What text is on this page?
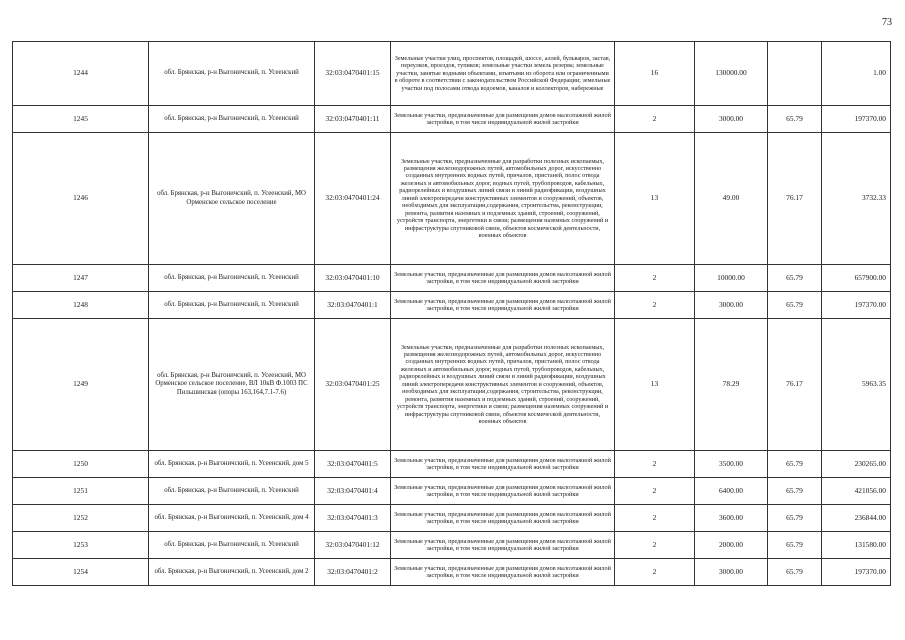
73
1244	обл. Брянская, р-н Выгоничский, п. Усеенский	32:03:0470401:15	Земельные участки улиц, проспектов, площадей, шоссе, аллей, бульваров, застав, переулков, проездов, тупиков; земельные участки земель резерва; земельные участки, занятые водными объектами, изъятыми из оборота или ограниченными в обороте в соответствии с законодательством Российской Федерации; земельные участки под полосами отвода водоемов, каналов и коллекторов, набережные	16	130000.00		1.00
1245	обл. Брянская, р-н Выгоничский, п. Усеенский	32:03:0470401:11	Земельные участки, предназначенные для размещения домов малоэтажной жилой застройки, в том числе индивидуальной жилой застройки	2	3000.00	65.79	197370.00
1246	обл. Брянская, р-н Выгоничский, п. Усеенский, МО Орменское сельское поселение	32:03:0470401:24	Земельные участки, предназначенные для разработки полезных ископаемых, размещения железнодорожных путей, автомобильных дорог, искусственно созданных внутренних водных путей, причалов, пристаней, полос отвода железных и автомобильных дорог, водных путей, трубопроводов, кабельных, радиорелейных и воздушных линий связи и линий радиофикации, воздушных линий электропередачи конструктивных элементов и сооружений, объектов, необходимых для эксплуатации,содержания, строительства, реконструкции, ремонта, развития наземных и подземных зданий, строений, сооружений, устройств транспорта, энергетики и связи; размещения наземных сооружений и инфраструктуры спутниковой связи, объектов космической деятельности, военных объектов	13	49.00	76.17	3732.33
1247	обл. Брянская, р-н Выгоничский, п. Усеенский	32:03:0470401:10	Земельные участки, предназначенные для размещения домов малоэтажной жилой застройки, в том числе индивидуальной жилой застройки	2	10000.00	65.79	657900.00
1248	обл. Брянская, р-н Выгоничский, п. Усеенский	32:03:0470401:1	Земельные участки, предназначенные для размещения домов малоэтажной жилой застройки, в том числе индивидуальной жилой застройки	2	3000.00	65.79	197370.00
1249	обл. Брянская, р-н Выгоничский, п. Усеенский, МО Орменское сельское поселение, ВЛ 10кВ Ф.1003 ПС Пильшинская (опоры 163,164,7.1-7.6)	32:03:0470401:25	Земельные участки, предназначенные для разработки полезных ископаемых, размещения железнодорожных путей, автомобильных дорог, искусственно созданных внутренних водных путей, причалов, пристаней, полос отвода железных и автомобильных дорог, водных путей, трубопроводов, кабельных, радиорелейных и воздушных линий связи и линий радиофикации, воздушных линий электропередачи конструктивных элементов и сооружений, объектов, необходимых для эксплуатации,содержания, строительства, реконструкции, ремонта, развития наземных и подземных зданий, строений, сооружений, устройств транспорта, энергетики и связи; размещения наземных сооружений и инфраструктуры спутниковой связи, объектов космической деятельности, военных объектов	13	78.29	76.17	5963.35
1250	обл. Брянская, р-н Выгоничский, п. Усеенский, дом 5	32:03:0470401:5	Земельные участки, предназначенные для размещения домов малоэтажной жилой застройки, в том числе индивидуальной жилой застройки	2	3500.00	65.79	230265.00
1251	обл. Брянская, р-н Выгоничский, п. Усеенский	32:03:0470401:4	Земельные участки, предназначенные для размещения домов малоэтажной жилой застройки, в том числе индивидуальной жилой застройки	2	6400.00	65.79	421056.00
1252	обл. Брянская, р-н Выгоничский, п. Усеенский, дом 4	32:03:0470401:3	Земельные участки, предназначенные для размещения домов малоэтажной жилой застройки, в том числе индивидуальной жилой застройки	2	3600.00	65.79	236844.00
1253	обл. Брянская, р-н Выгоничский, п. Усеенский	32:03:0470401:12	Земельные участки, предназначенные для размещения домов малоэтажной жилой застройки, в том числе индивидуальной жилой застройки	2	2000.00	65.79	131580.00
1254	обл. Брянская, р-н Выгоничский, п. Усеенский, дом 2	32:03:0470401:2	Земельные участки, предназначенные для размещения домов малоэтажной жилой застройки, в том числе индивидуальной жилой застройки	2	3000.00	65.79	197370.00
